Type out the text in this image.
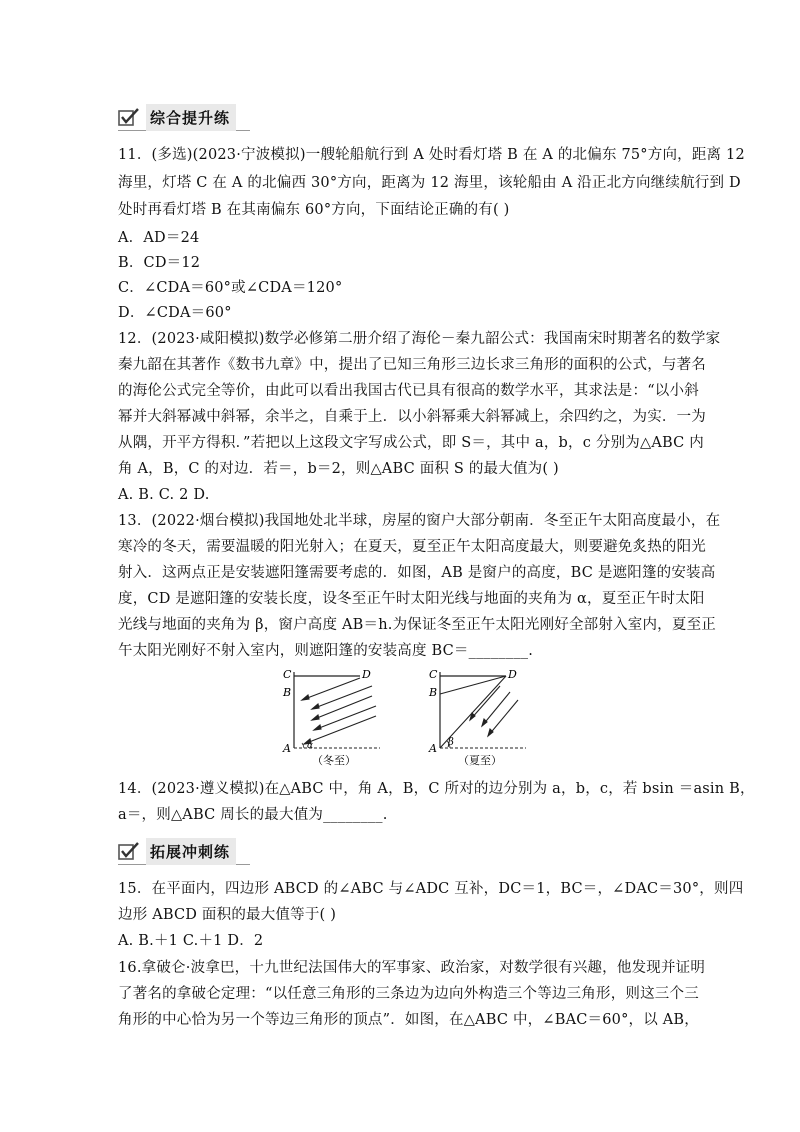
综合提升练
11．(多选)(2023·宁波模拟)一艘轮船航行到 A 处时看灯塔 B 在 A 的北偏东 75°方向，距离 12
海里，灯塔 C 在 A 的北偏西 30°方向，距离为 12 海里，该轮船由 A 沿正北方向继续航行到 D
处时再看灯塔 B 在其南偏东 60°方向，下面结论正确的有( )
A．AD＝24
B．CD＝12
C．∠CDA＝60°或∠CDA＝120°
D．∠CDA＝60°
12．(2023·咸阳模拟)数学必修第二册介绍了海伦－秦九韶公式：我国南宋时期著名的数学家
秦九韶在其著作《数书九章》中，提出了已知三角形三边长求三角形的面积的公式，与著名
的海伦公式完全等价，由此可以看出我国古代已具有很高的数学水平，其求法是：“以小斜
幂并大斜幂减中斜幂，余半之，自乘于上．以小斜幂乘大斜幂减上，余四约之，为实．一为
从隅，开平方得积．”若把以上这段文字写成公式，即 S＝，其中 a，b，c 分别为△ABC 内
角 A，B，C 的对边．若＝，b＝2，则△ABC 面积 S 的最大值为( )
A. B. C. 2 D.
13．(2022·烟台模拟)我国地处北半球，房屋的窗户大部分朝南．冬至正午太阳高度最小，在
寒冷的冬天，需要温暖的阳光射入；在夏天，夏至正午太阳高度最大，则要避免炙热的阳光
射入．这两点正是安装遮阳篷需要考虑的．如图，AB 是窗户的高度，BC 是遮阳篷的安装高
度，CD 是遮阳篷的安装长度，设冬至正午时太阳光线与地面的夹角为 α，夏至正午时太阳
光线与地面的夹角为 β，窗户高度 AB＝h.为保证冬至正午太阳光刚好全部射入室内，夏至正
午太阳光刚好不射入室内，则遮阳篷的安装高度 BC＝________.
C
B
D
A α
（冬至）
C
B
D
A β
（夏至）
14．(2023·遵义模拟)在△ABC 中，角 A，B，C 所对的边分别为 a，b，c，若 bsin ＝asin B，
a＝，则△ABC 周长的最大值为________.
拓展冲刺练
15．在平面内，四边形 ABCD 的∠ABC 与∠ADC 互补，DC＝1，BC＝，∠DAC＝30°，则四
边形 ABCD 面积的最大值等于( )
A. B.＋1 C.＋1 D．2
16.拿破仑·波拿巴，十九世纪法国伟大的军事家、政治家，对数学很有兴趣，他发现并证明
了著名的拿破仑定理：“以任意三角形的三条边为边向外构造三个等边三角形，则这三个三
角形的中心恰为另一个等边三角形的顶点”．如图，在△ABC 中，∠BAC＝60°，以 AB，
